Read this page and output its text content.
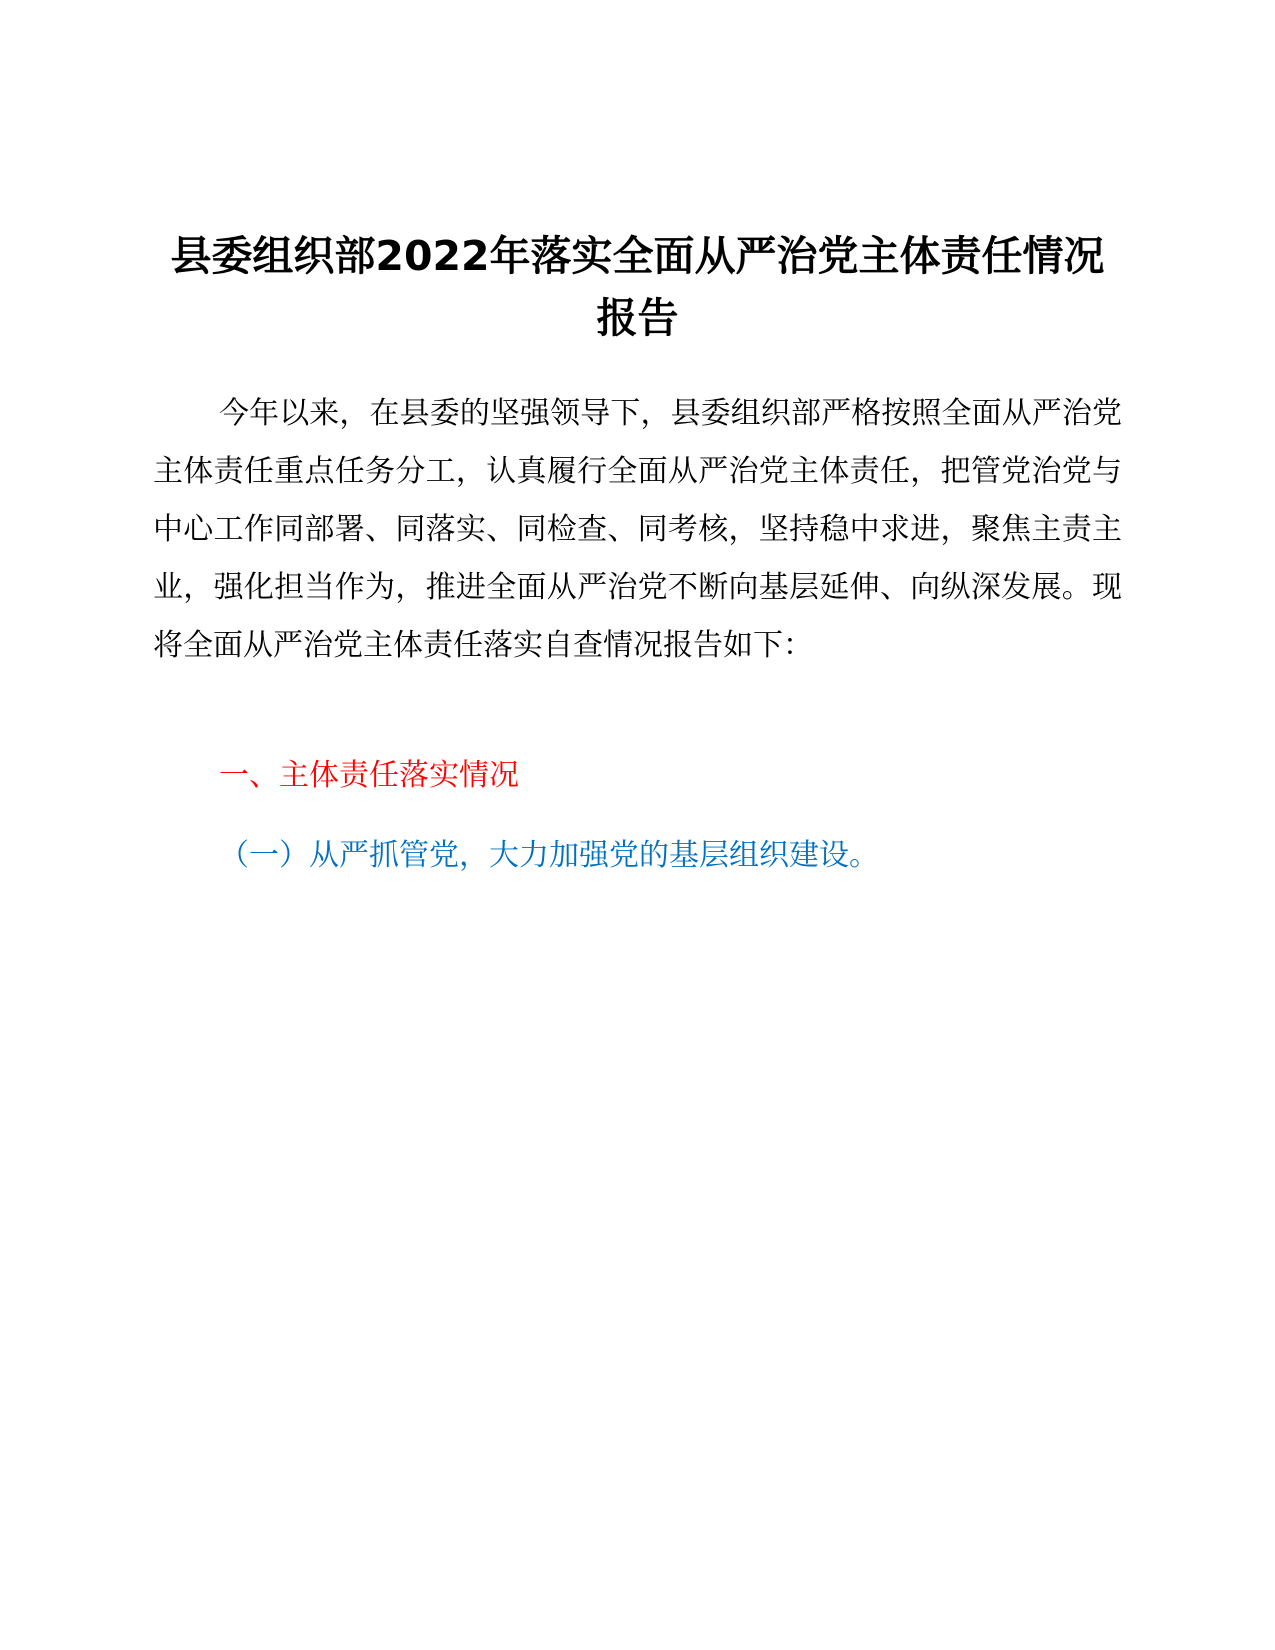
县委组织部2022年落实全面从严治党主体责任情况报告

今年以来，在县委的坚强领导下，县委组织部严格按照全面从严治党主体责任重点任务分工，认真履行全面从严治党主体责任，把管党治党与中心工作同部署、同落实、同检查、同考核，坚持稳中求进，聚焦主责主业，强化担当作为，推进全面从严治党不断向基层延伸、向纵深发展。现将全面从严治党主体责任落实自查情况报告如下：

一、主体责任落实情况
（一）从严抓管党，大力加强党的基层组织建设。
